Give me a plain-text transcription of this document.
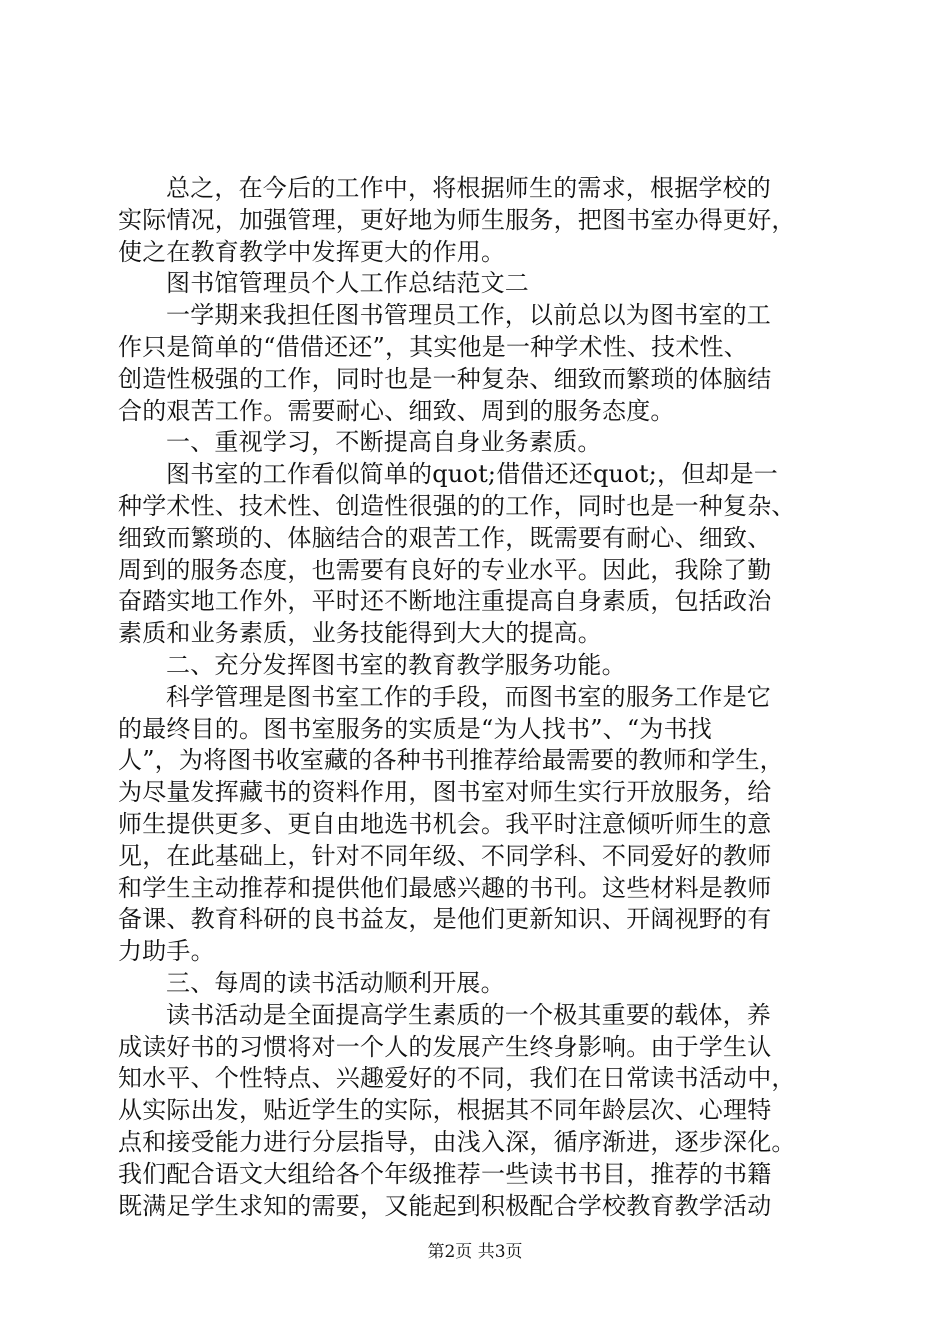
总之，在今后的工作中，将根据师生的需求，根据学校的
实际情况，加强管理，更好地为师生服务，把图书室办得更好，
使之在教育教学中发挥更大的作用。
图书馆管理员个人工作总结范文二
一学期来我担任图书管理员工作，以前总以为图书室的工
作只是简单的“借借还还”，其实他是一种学术性、技术性、
创造性极强的工作，同时也是一种复杂、细致而繁琐的体脑结
合的艰苦工作。需要耐心、细致、周到的服务态度。
一、重视学习，不断提高自身业务素质。
图书室的工作看似简单的quot;借借还还quot;，但却是一
种学术性、技术性、创造性很强的的工作，同时也是一种复杂、
细致而繁琐的、体脑结合的艰苦工作，既需要有耐心、细致、
周到的服务态度，也需要有良好的专业水平。因此，我除了勤
奋踏实地工作外，平时还不断地注重提高自身素质，包括政治
素质和业务素质，业务技能得到大大的提高。
二、充分发挥图书室的教育教学服务功能。
科学管理是图书室工作的手段，而图书室的服务工作是它
的最终目的。图书室服务的实质是“为人找书”、“为书找
人”，为将图书收室藏的各种书刊推荐给最需要的教师和学生，
为尽量发挥藏书的资料作用，图书室对师生实行开放服务，给
师生提供更多、更自由地选书机会。我平时注意倾听师生的意
见，在此基础上，针对不同年级、不同学科、不同爱好的教师
和学生主动推荐和提供他们最感兴趣的书刊。这些材料是教师
备课、教育科研的良书益友，是他们更新知识、开阔视野的有
力助手。
三、每周的读书活动顺利开展。
读书活动是全面提高学生素质的一个极其重要的载体，养
成读好书的习惯将对一个人的发展产生终身影响。由于学生认
知水平、个性特点、兴趣爱好的不同，我们在日常读书活动中，
从实际出发，贴近学生的实际，根据其不同年龄层次、心理特
点和接受能力进行分层指导，由浅入深，循序渐进，逐步深化。
我们配合语文大组给各个年级推荐一些读书书目，推荐的书籍
既满足学生求知的需要，又能起到积极配合学校教育教学活动
第2页 共3页
